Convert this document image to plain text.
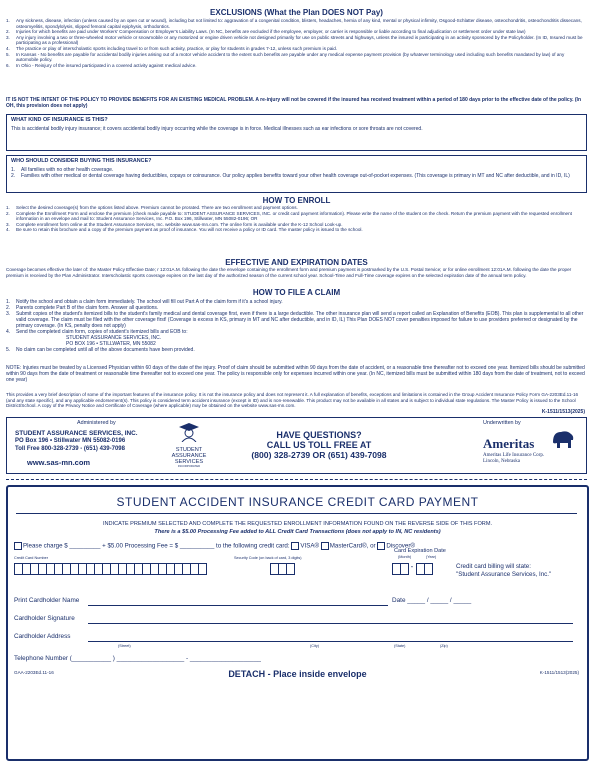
EXCLUSIONS (What the Plan DOES NOT Pay)
1. Any sickness, disease, infection (unless caused by an open cut or wound), including but not limited to: aggravation of a congenital condition, blisters, headaches, hernia of any kind, mental or physical infirmity, Osgood-Schlatter disease, osteochondritis, osteochondritis dissecans, osteomyelitis, spondylolysis, slipped femoral capital epiphysis, orthodontics.
2. Injuries for which benefits are paid under Workers' Compensation or Employer's Liability Laws. (In NC, benefits are excluded if the employee, employer, or carrier is responsible or liable according to final adjudication or settlement order under state law)
3. Any injury involving a two or three-wheeled motor vehicle or snowmobile or any motorized or engine driven vehicle not designed primarily for use on public streets and highways, unless the insured is participating in an activity sponsored by the Policyholder. (In ID, Insured must be participating as a professional)
4. The practice or play of interscholastic sports including travel to or from such activity, practice, or play for students in grades 7-12, unless such premium is paid.
5. In Kansas - No benefits are payable for accidental bodily injuries arising out of a motor vehicle accident to the extent such benefits are payable under any medical expense payment provision (by whatever terminology used including such benefits mandated by law) of any automobile policy.
6. In Ohio - Reinjury of the insured participated in a covered activity against medical advice.
IT IS NOT THE INTENT OF THE POLICY TO PROVIDE BENEFITS FOR AN EXISTING MEDICAL PROBLEM. A re-injury will not be covered if the insured has received treatment within a period of 180 days prior to the effective date of the policy. (In OH, this provision does not apply)
WHAT KIND OF INSURANCE IS THIS?
This is accidental bodily injury insurance; it covers accidental bodily injury occurring while the coverage is in force. Medical illnesses such as ear infections or sore throats are not covered.
WHO SHOULD CONSIDER BUYING THIS INSURANCE?
1. All families with no other health coverage.
2. Families with other medical or dental coverage having deductibles, copays or coinsurance. Our policy applies benefits toward your other health coverage out-of-pocket expenses. (This coverage is primary in MT and NC after deductible, and in ID, IL)
HOW TO ENROLL
1. Select the desired coverage(s) from the options listed above. Premium cannot be prorated. There are two enrollment and payment options.
2. Complete the Enrollment Form and enclose the premium (check made payable to: STUDENT ASSURANCE SERVICES, INC. or credit card payment information). Please write the name of the student on the check. Return the premium payment with the requested enrollment information in an envelope and mail to: Student Assurance Services, Inc. P.O. Box 196, Stillwater, MN 55082-0196; OR
3. Complete enrollment form online at the Student Assurance Services, Inc. website www.sas-mn.com. The online form is available under the K-12 School Look-up.
4. Be sure to retain this brochure and a copy of the premium payment as proof of insurance. You will not receive a policy or ID card. The master policy is issued to the school.
EFFECTIVE AND EXPIRATION DATES
Coverage becomes effective the later of: the Master Policy Effective Date; r 12:01A.M. following the date the envelope containing the enrollment form and premium payment is postmarked by the U.S. Postal Service; or for online enrollment 12:01A.M. following the date the proper premium is received by the Plan Administrator. Interscholastic sports coverage expires on the last day of the authorized season of the current school year. School-Time and Full-Time coverage expires on the selected expiration date of the annual term policy.
HOW TO FILE A CLAIM
1. Notify the school and obtain a claim form immediately. The school will fill out Part A of the claim form if it's a school injury.
2. Parents complete Part B of the claim form. Answer all questions.
3. Submit copies of the student's itemized bills to the student's family medical and dental coverage first, even if there is a large deductible. The other insurance plan will send a report called an Explanation of Benefits (EOB). This plan is supplemental to all other valid coverage. The claim must be filed with the other coverage first! (Coverage is excess in KS, primary in MT and NC after deductible, and in ID, IL) This Plan DOES NOT cover penalties imposed for failure to use providers preferred or designated by the primary coverage. (In KS, penalty does not apply)
4. Send the completed claim form, copies of student's itemized bills and EOB to:
STUDENT ASSURANCE SERVICES, INC.
PO BOX 196 • STILLWATER, MN 55082
5. No claim can be completed until all of the above documents have been provided.
NOTE: Injuries must be treated by a Licensed Physician within 60 days of the date of the injury. Proof of claim should be submitted within 90 days from the date of accident, or a reasonable time thereafter not to exceed one year. Itemized bills should be submitted within 90 days from the date of treatment or reasonable time thereafter not to exceed one year. The policy is responsible only for expenses incurred within one year. (In NC, itemized bills must be submitted within 180 days from the date of treatment, not to exceed one year)
This provides a very brief description of some of the important features of the insurance policy. It is not the insurance policy and does not represent it. A full explanation of benefits, exceptions and limitations is contained in the Group Accident Insurance Policy Form GA-2203Ed.11-16 (and any state specific), and any applicable endorsement(s). This policy is considered term accident insurance (except in ID) and is non-renewable. This product may not be available in all states and is subject to individual state regulations. The Master Policy is issued to the School District/School. A copy of the Privacy Notice and Certificate of Coverage (where applicable) may be obtained on the website www.sas-mn.com.
K-1511/1513(2025)
Administered by
STUDENT ASSURANCE SERVICES, INC.
PO Box 196 • Stillwater MN 55082-0196
Toll Free 800-328-2739 - (651) 439-7098
www.sas-mn.com
STUDENT
ASSURANCE
SERVICES
INCORPORATED
HAVE QUESTIONS?
CALL US TOLL FREE AT
(800) 328-2739 OR (651) 439-7098
Underwritten by
Ameritas
Ameritas Life Insurance Corp.
Lincoln, Nebraska
STUDENT ACCIDENT INSURANCE CREDIT CARD PAYMENT
INDICATE PREMIUM SELECTED AND COMPLETE THE REQUESTED ENROLLMENT INFORMATION FOUND ON THE REVERSE SIDE OF THIS FORM.
There is a $5.00 Processing Fee added to ALL Credit Card Transactions (does not apply to IN, NC residents)
Please charge $ _________ + $5.00 Processing Fee = $ __________ to the following credit card: VISA® MasterCard®, or Discover®
Credit Card Number	Security Code (on back of card, 3 digits)
Card Expiration Date
(Month)	(Year)
-	Credit card billing will state:
"Student Assurance Services, Inc."
Print Cardholder Name	Date _____ / _____ / _____
Cardholder Signature
Cardholder Address
(Street)	(City)	(State)	(Zip)
Telephone Number (___________ ) ___________________ - ____________________
GAA-2203Ed.11-16	DETACH - Place inside envelope	K-1511/1513(2025)
